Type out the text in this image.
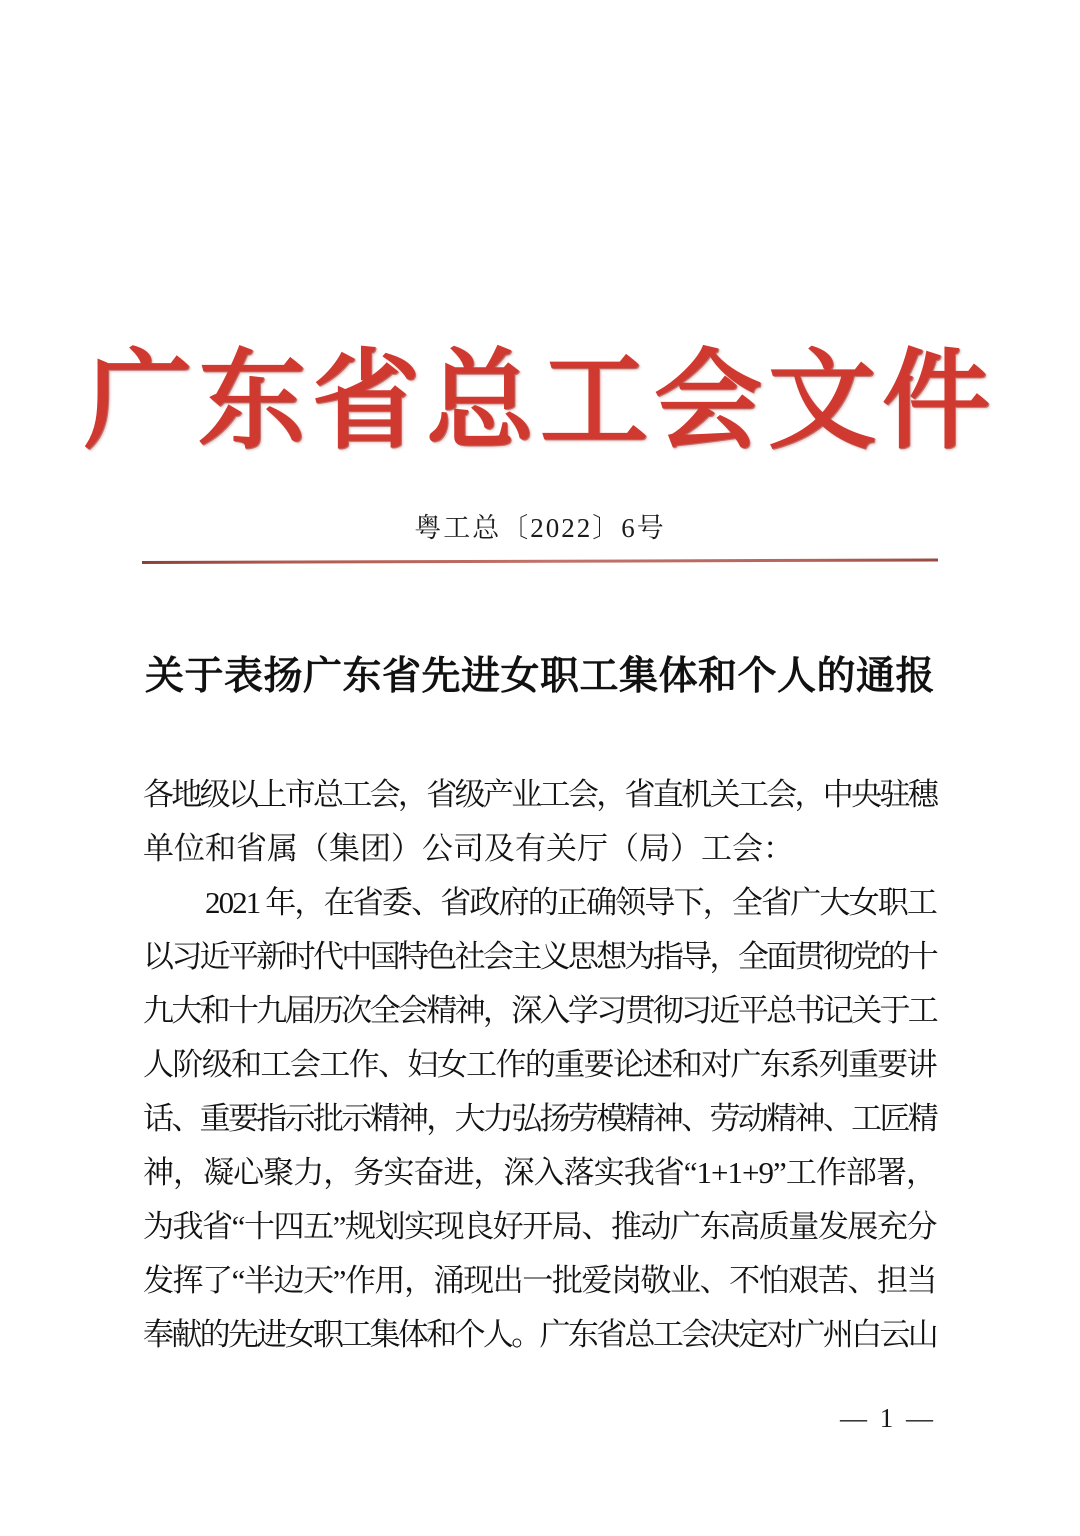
广东省总工会文件
粤工总〔2022〕6号
关于表扬广东省先进女职工集体和个人的通报
各地级以上市总工会，省级产业工会，省直机关工会，中央驻穗
单位和省属（集团）公司及有关厅（局）工会：
2021 年，在省委、省政府的正确领导下，全省广大女职工
以习近平新时代中国特色社会主义思想为指导，全面贯彻党的十
九大和十九届历次全会精神，深入学习贯彻习近平总书记关于工
人阶级和工会工作、妇女工作的重要论述和对广东系列重要讲
话、重要指示批示精神，大力弘扬劳模精神、劳动精神、工匠精
神，凝心聚力，务实奋进，深入落实我省“1+1+9”工作部署，
为我省“十四五”规划实现良好开局、推动广东高质量发展充分
发挥了“半边天”作用，涌现出一批爱岗敬业、不怕艰苦、担当
奉献的先进女职工集体和个人。广东省总工会决定对广州白云山
— 1 —
